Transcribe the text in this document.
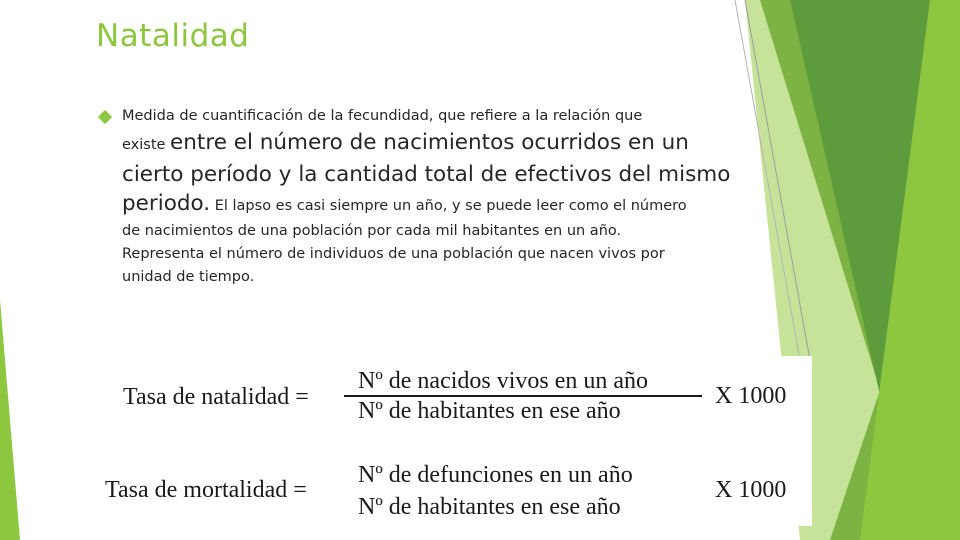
Natalidad

Medida de cuantificación de la fecundidad, que refiere a la relación que

existe entre el número de nacimientos ocurridos en un

cierto período y la cantidad total de efectivos del mismo

periodo. El lapso es casi siempre un año, y se puede leer como el número

de nacimientos de una población por cada mil habitantes en un año.

Representa el número de individuos de una población que nacen vivos por

unidad de tiempo.

Tasa de natalidad =
Nº de nacidos vivos en un año
Nº de habitantes en ese año
X 1000
Tasa de mortalidad =
Nº de defunciones en un año
Nº de habitantes en ese año
X 1000
